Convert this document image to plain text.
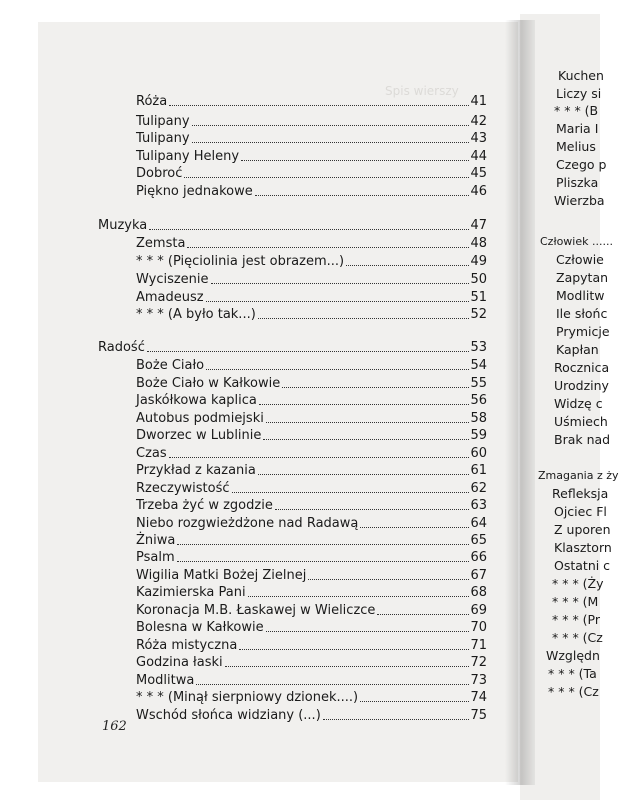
Spis wierszy
Róża	41
Tulipany	42
Tulipany	43
Tulipany Heleny	44
Dobroć	45
Piękno jednakowe	46
Muzyka	47
Zemsta	48
* * * (Pięciolinia jest obrazem...)	49
Wyciszenie	50
Amadeusz	51
* * * (A było tak...)	52
Radość	53
Boże Ciało	54
Boże Ciało w Kałkowie	55
Jaskółkowa kaplica	56
Autobus podmiejski	58
Dworzec w Lublinie	59
Czas	60
Przykład z kazania	61
Rzeczywistość	62
Trzeba żyć w zgodzie	63
Niebo rozgwieżdżone nad Radawą	64
Żniwa	65
Psalm	66
Wigilia Matki Bożej Zielnej	67
Kazimierska Pani	68
Koronacja M.B. Łaskawej w Wieliczce	69
Bolesna w Kałkowie	70
Róża mistyczna	71
Godzina łaski	72
Modlitwa	73
* * * (Minął sierpniowy dzionek....)	74
Wschód słońca widziany (...)	75
162
Kuchen
Liczy si
* * * (B
Maria I
Melius
Czego p
Pliszka
Wierzba
Człowiek ......
Człowie
Zapytan
Modlitw
Ile słońc
Prymicje
Kapłan
Rocznica
Urodziny
Widzę c
Uśmiech
Brak nad
Zmagania z ży
Refleksja
Ojciec Fl
Z uporen
Klasztorn
Ostatni c
* * * (Ży
* * * (M
* * * (Pr
* * * (Cz
Względn
* * * (Ta
* * * (Cz
